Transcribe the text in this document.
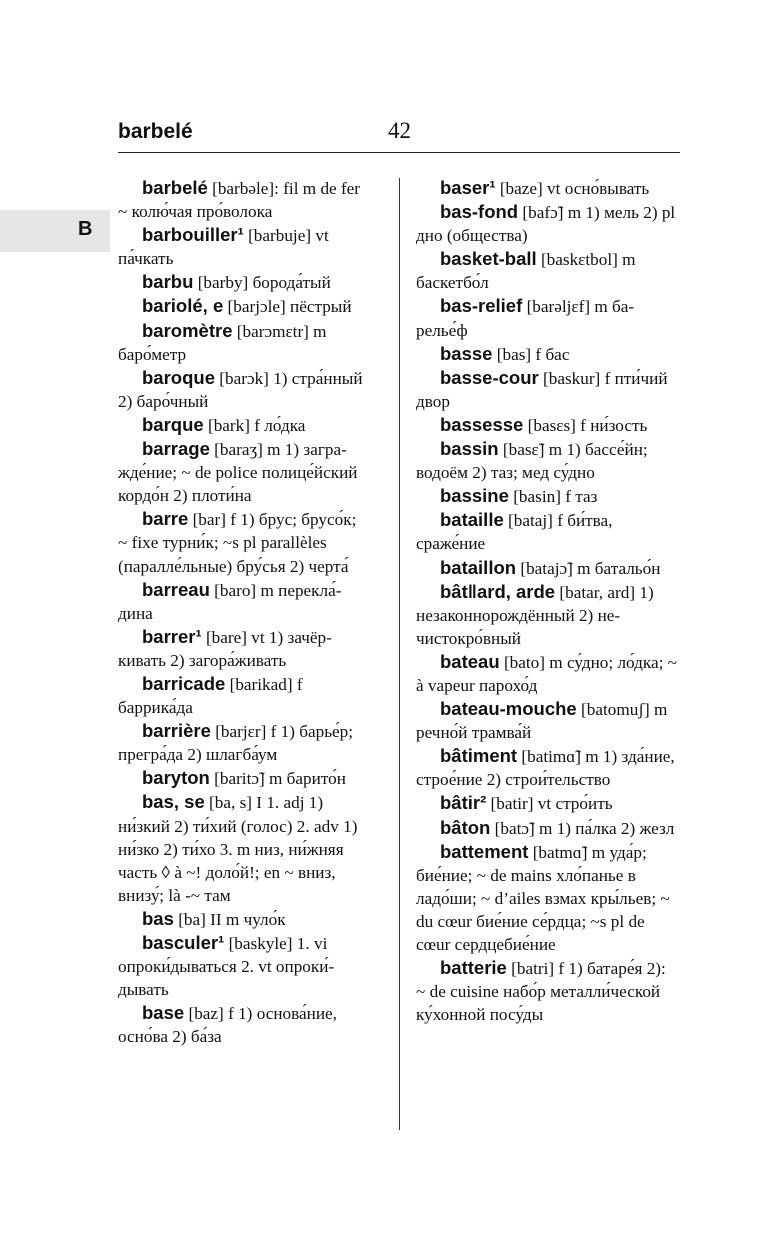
barbelé	42
B

barbelé [barbəle]: fil m de fer ~ колю́чая про́волока

barbouiller¹ [barbuje] vt па́чкать

barbu [barby] борода́тый

bariolé, e [barjɔle] пёстрый

baromètre [barɔmɛtr] m баро́метр

baroque [barɔk] 1) стра́нный 2) баро́чный

barque [bark] f ло́дка

barrage [baraʒ] m 1) загражде́ние; ~ de police полице́йский кордо́н 2) плоти́на

barre [bar] f 1) брус; брусо́к; ~ fixe турни́к; ~s pl parallèles (паралле́льные) бру́сья 2) черта́

barreau [baro] m перекла́дина

barrer¹ [bare] vt 1) зачёркивать 2) загора́живать

barricade [barikad] f баррика́да

barrière [barjɛr] f 1) барье́р; прегра́да 2) шлагба́ум

baryton [baritɔ̃] m барито́н

bas, se [ba, s] I 1. adj 1) ни́зкий 2) ти́хий (голос) 2. adv 1) ни́зко 2) ти́хо 3. m низ, ни́жняя часть ◊ à ~! доло́й!; en ~ вниз, внизу́; là -~ там

bas [ba] II m чуло́к

basculer¹ [baskyle] 1. vi опроки́дываться 2. vt опроки́дывать

base [baz] f 1) основа́ние, осно́ва 2) ба́за

baser¹ [baze] vt осно́вывать

bas-fond [bafɔ̃] m 1) мель 2) pl дно (общества)

basket-ball [baskɛtbol] m баскетбо́л

bas-relief [barəljɛf] m барелье́ф

basse [bas] f бас

basse-cour [baskur] f пти́чий двор

bassesse [basɛs] f ни́зость

bassin [basɛ̃] m 1) бассе́йн; водоём 2) таз; мед су́дно

bassine [basin] f таз

bataille [bataj] f би́тва, сраже́ние

bataillon [batajɔ̃] m батальо́н

bât‖ard, arde [batar, ard] 1) незаконнорождённый 2) нечистокро́вный

bateau [bato] m су́дно; ло́дка; ~ à vapeur парохо́д

bateau-mouche [batomuʃ] m речно́й трамва́й

bâtiment [batimɑ̃] m 1) зда́ние, строе́ние 2) строи́тельство

bâtir² [batir] vt стро́ить

bâton [batɔ̃] m 1) па́лка 2) жезл

battement [batmɑ̃] m уда́р; бие́ние; ~ de mains хло́панье в ладо́ши; ~ d’ailes взмах кры́льев; ~ du cœur бие́ние се́рдца; ~s pl de cœur сердцебие́ние

batterie [batri] f 1) батаре́я 2): ~ de cuisine набо́р металли́ческой ку́хонной посу́ды
